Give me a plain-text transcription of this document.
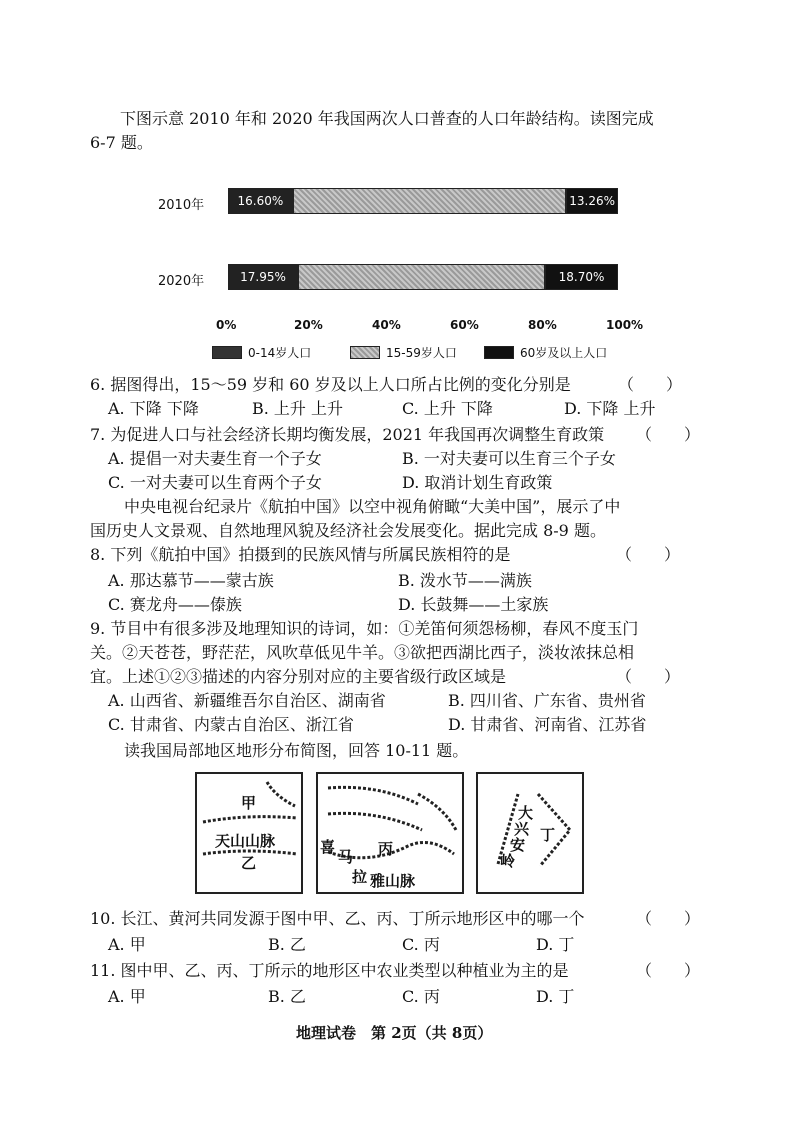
下图示意 2010 年和 2020 年我国两次人口普查的人口年龄结构。读图完成
6-7 题。
2010年
2020年
16.60%	13.26%
17.95%	18.70%
0%	20%	40%	60%	80%	100%
0-14岁人口	15-59岁人口	60岁及以上人口
6. 据图得出，15～59 岁和 60 岁及以上人口所占比例的变化分别是	（　　）
A. 下降 下降	B. 上升 上升	C. 上升 下降	D. 下降 上升
7. 为促进人口与社会经济长期均衡发展，2021 年我国再次调整生育政策 （　　）
A. 提倡一对夫妻生育一个子女	B. 一对夫妻可以生育三个子女
C. 一对夫妻可以生育两个子女	D. 取消计划生育政策
中央电视台纪录片《航拍中国》以空中视角俯瞰“大美中国”，展示了中
国历史人文景观、自然地理风貌及经济社会发展变化。据此完成 8-9 题。
8. 下列《航拍中国》拍摄到的民族风情与所属民族相符的是	（　　）
A. 那达慕节——蒙古族	B. 泼水节——满族
C. 赛龙舟——傣族	D. 长鼓舞——土家族
9. 节目中有很多涉及地理知识的诗词，如：①羌笛何须怨杨柳，春风不度玉门
关。②天苍苍，野茫茫，风吹草低见牛羊。③欲把西湖比西子，淡妆浓抹总相
宜。上述①②③描述的内容分别对应的主要省级行政区域是	（　　）
A. 山西省、新疆维吾尔自治区、湖南省	B. 四川省、广东省、贵州省
C. 甘肃省、内蒙古自治区、浙江省	D. 甘肃省、河南省、江苏省
读我国局部地区地形分布简图，回答 10-11 题。
甲
天山山脉
乙
喜
马 丙
拉 雅山脉
大
兴
安
岭
丁
10. 长江、黄河共同发源于图中甲、乙、丙、丁所示地形区中的哪一个	（　　）
A. 甲	B. 乙	C. 丙	D. 丁
11. 图中甲、乙、丙、丁所示的地形区中农业类型以种植业为主的是	（　　）
A. 甲	B. 乙	C. 丙	D. 丁
地理试卷　第 2页（共 8页）
